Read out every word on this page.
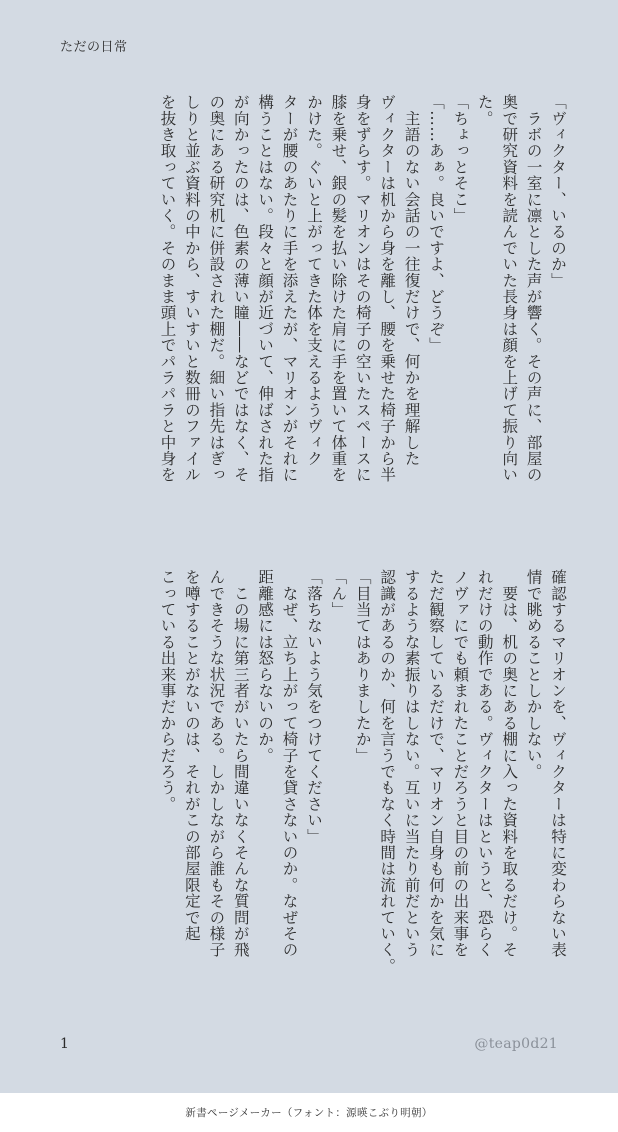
ただの日常

「ヴィクター、いるのか」

　ラボの一室に凛とした声が響く。その声に、部屋の

奥で研究資料を読んでいた長身は顔を上げて振り向い

た。

「ちょっとそこ」

「……あぁ。良いですよ、どうぞ」

　主語のない会話の一往復だけで、何かを理解した

ヴィクターは机から身を離し、腰を乗せた椅子から半

身をずらす。マリオンはその椅子の空いたスペースに

膝を乗せ、銀の髪を払い除けた肩に手を置いて体重を

かけた。ぐいと上がってきた体を支えるようヴィク

ターが腰のあたりに手を添えたが、マリオンがそれに

構うことはない。段々と顔が近づいて、伸ばされた指

が向かったのは、色素の薄い瞳――などではなく、そ

の奥にある研究机に併設された棚だ。細い指先はぎっ

しりと並ぶ資料の中から、すいすいと数冊のファイル

を抜き取っていく。そのまま頭上でパラパラと中身を

確認するマリオンを、ヴィクターは特に変わらない表

情で眺めることしかしない。

　要は、机の奥にある棚に入った資料を取るだけ。そ

れだけの動作である。ヴィクターはというと、恐らく

ノヴァにでも頼まれたことだろうと目の前の出来事を

ただ観察しているだけで、マリオン自身も何かを気に

するような素振りはしない。互いに当たり前だという

認識があるのか、何を言うでもなく時間は流れていく。

「目当てはありましたか」

「ん」

「落ちないよう気をつけてください」

　なぜ、立ち上がって椅子を貸さないのか。なぜその

距離感には怒らないのか。

　この場に第三者がいたら間違いなくそんな質問が飛

んできそうな状況である。しかしながら誰もその様子

を噂することがないのは、それがこの部屋限定で起

こっている出来事だからだろう。

1	@teap0d21
新書ページメーカー（フォント：源暎こぶり明朝）
